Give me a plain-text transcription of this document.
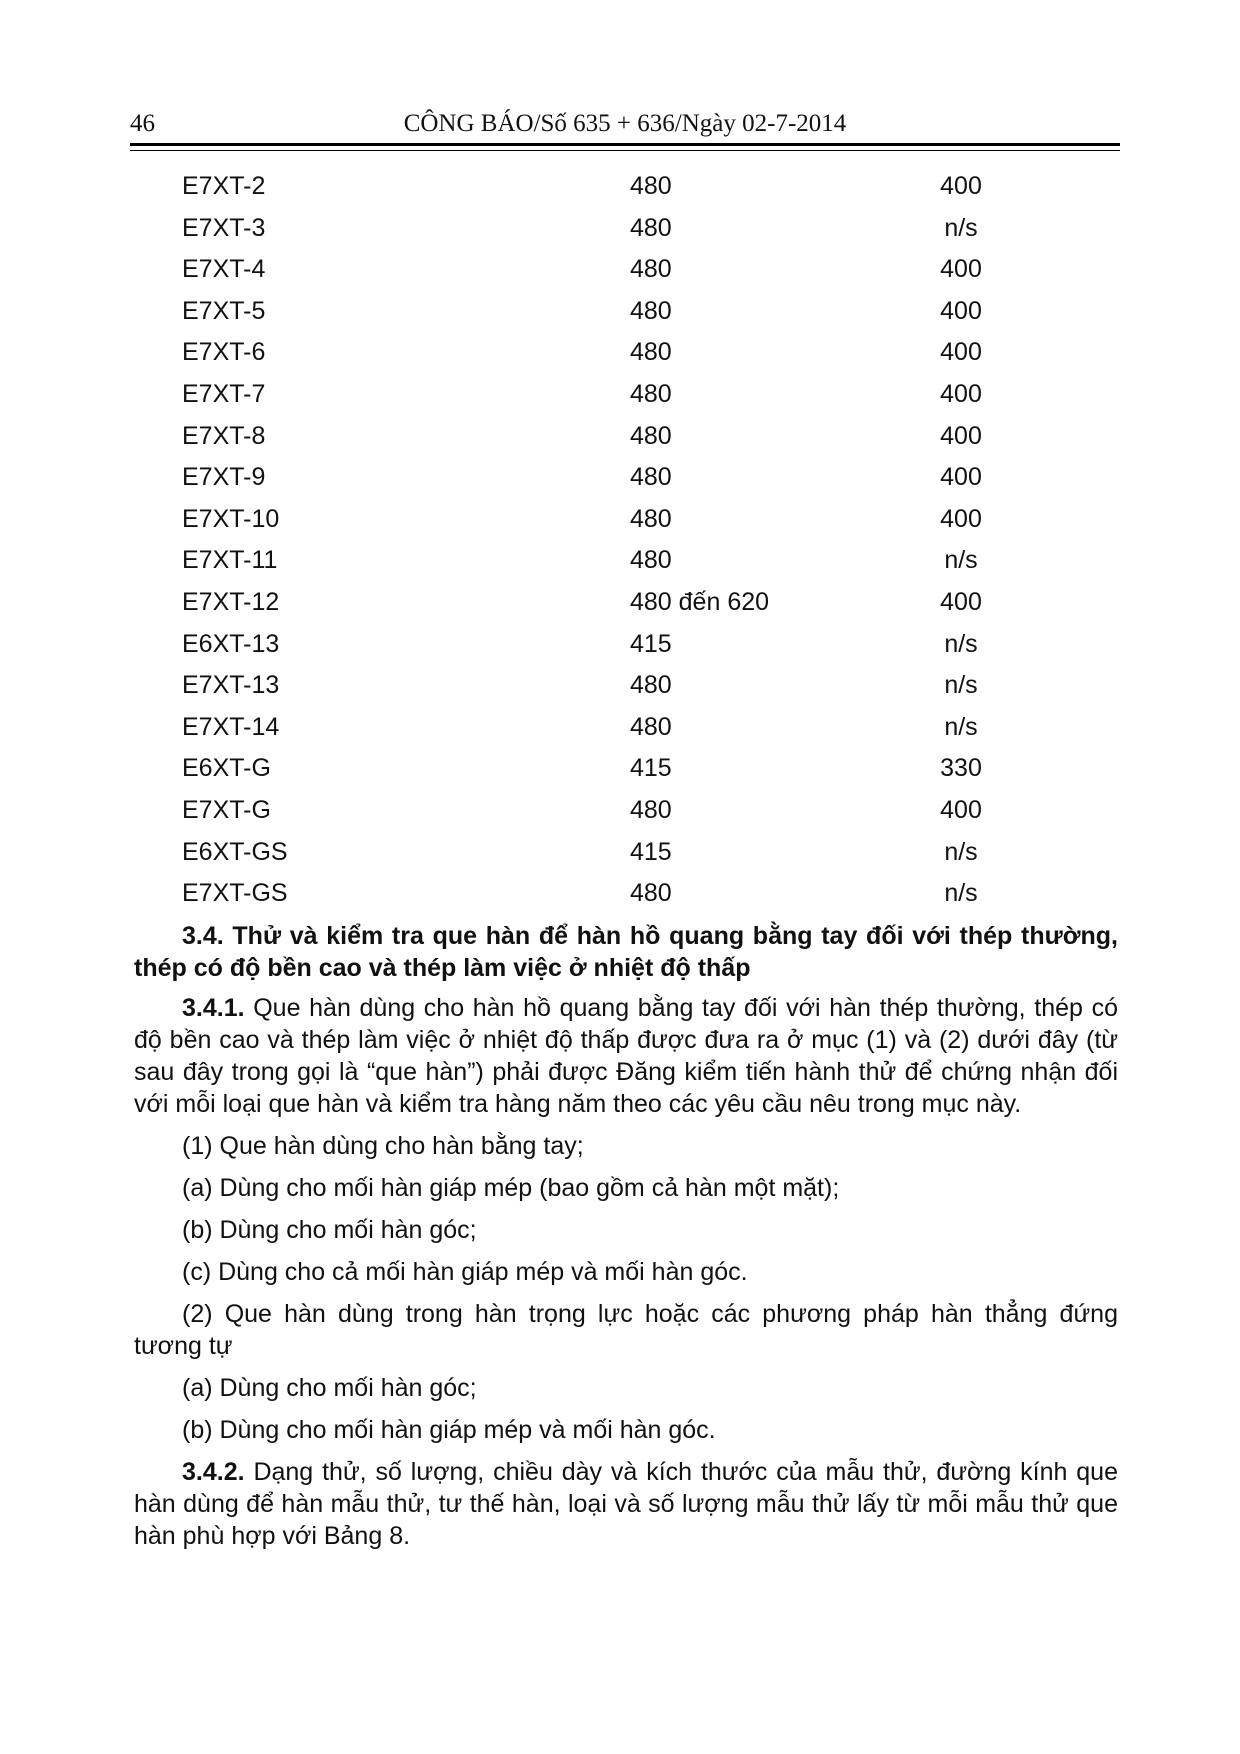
46	CÔNG BÁO/Số 635 + 636/Ngày 02-7-2014
E7XT-2	480	400
E7XT-3	480	n/s
E7XT-4	480	400
E7XT-5	480	400
E7XT-6	480	400
E7XT-7	480	400
E7XT-8	480	400
E7XT-9	480	400
E7XT-10	480	400
E7XT-11	480	n/s
E7XT-12	480 đến 620	400
E6XT-13	415	n/s
E7XT-13	480	n/s
E7XT-14	480	n/s
E6XT-G	415	330
E7XT-G	480	400
E6XT-GS	415	n/s
E7XT-GS	480	n/s

3.4. Thử và kiểm tra que hàn để hàn hồ quang bằng tay đối với thép thường, thép có độ bền cao và thép làm việc ở nhiệt độ thấp

3.4.1. Que hàn dùng cho hàn hồ quang bằng tay đối với hàn thép thường, thép có độ bền cao và thép làm việc ở nhiệt độ thấp được đưa ra ở mục (1) và (2) dưới đây (từ sau đây trong gọi là “que hàn”) phải được Đăng kiểm tiến hành thử để chứng nhận đối với mỗi loại que hàn và kiểm tra hàng năm theo các yêu cầu nêu trong mục này.

(1) Que hàn dùng cho hàn bằng tay;

(a) Dùng cho mối hàn giáp mép (bao gồm cả hàn một mặt);

(b) Dùng cho mối hàn góc;

(c) Dùng cho cả mối hàn giáp mép và mối hàn góc.

(2) Que hàn dùng trong hàn trọng lực hoặc các phương pháp hàn thẳng đứng tương tự

(a) Dùng cho mối hàn góc;

(b) Dùng cho mối hàn giáp mép và mối hàn góc.

3.4.2. Dạng thử, số lượng, chiều dày và kích thước của mẫu thử, đường kính que hàn dùng để hàn mẫu thử, tư thế hàn, loại và số lượng mẫu thử lấy từ mỗi mẫu thử que hàn phù hợp với Bảng 8.
